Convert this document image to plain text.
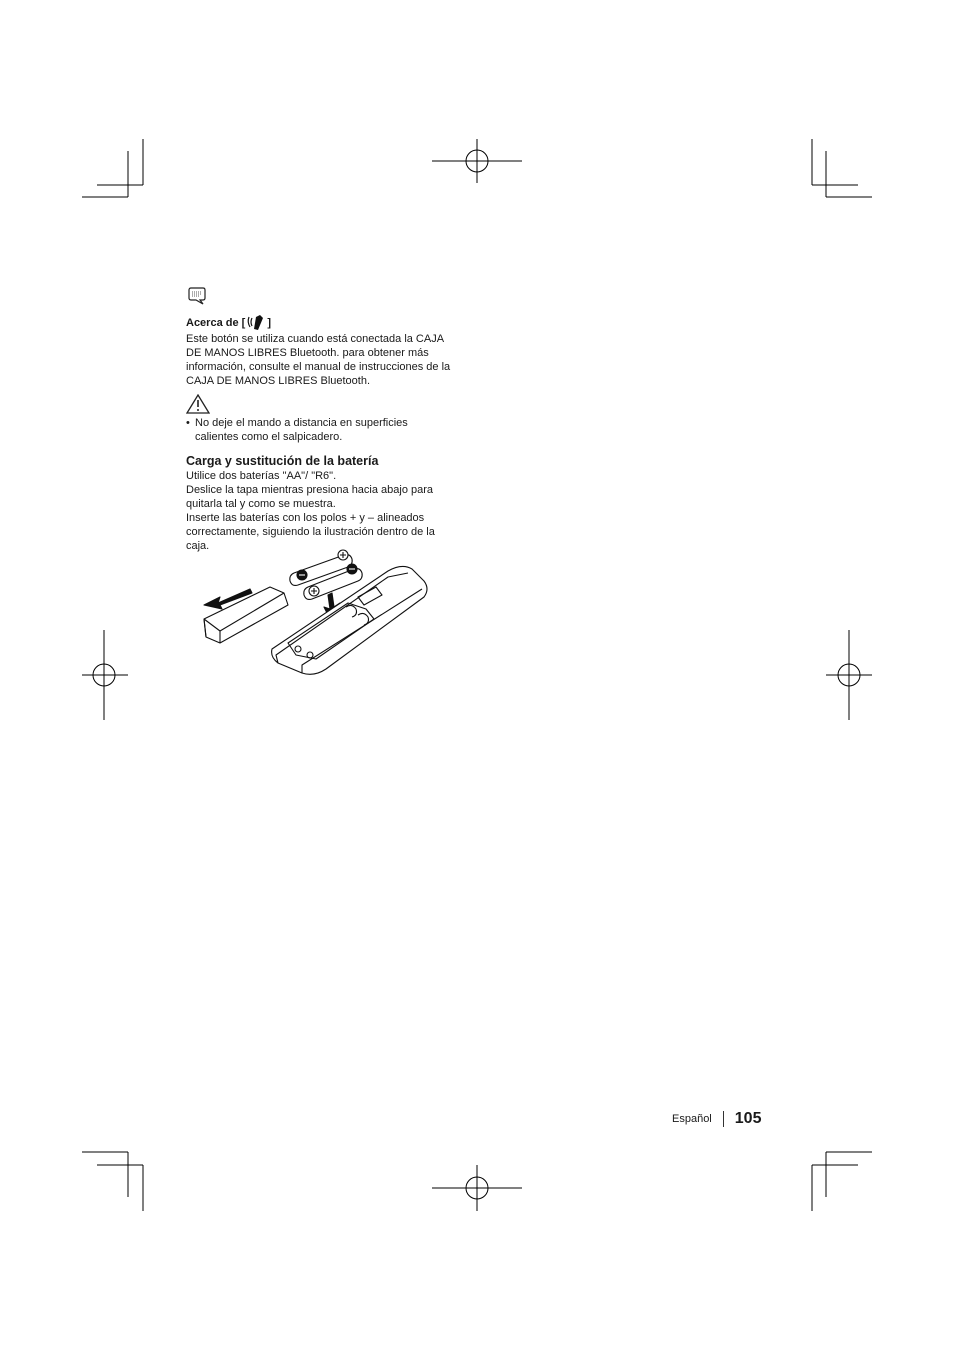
Acerca de [ ]

Este botón se utiliza cuando está conectada la CAJA
DE MANOS LIBRES Bluetooth. para obtener más
información, consulte el manual de instrucciones de la
CAJA DE MANOS LIBRES Bluetooth.

• No deje el mando a distancia en superficies
calientes como el salpicadero.
Carga y sustitución de la batería

Utilice dos baterías "AA"/ "R6".
Deslice la tapa mientras presiona hacia abajo para
quitarla tal y como se muestra.
Inserte las baterías con los polos + y – alineados
correctamente, siguiendo la ilustración dentro de la
caja.

Español 105
